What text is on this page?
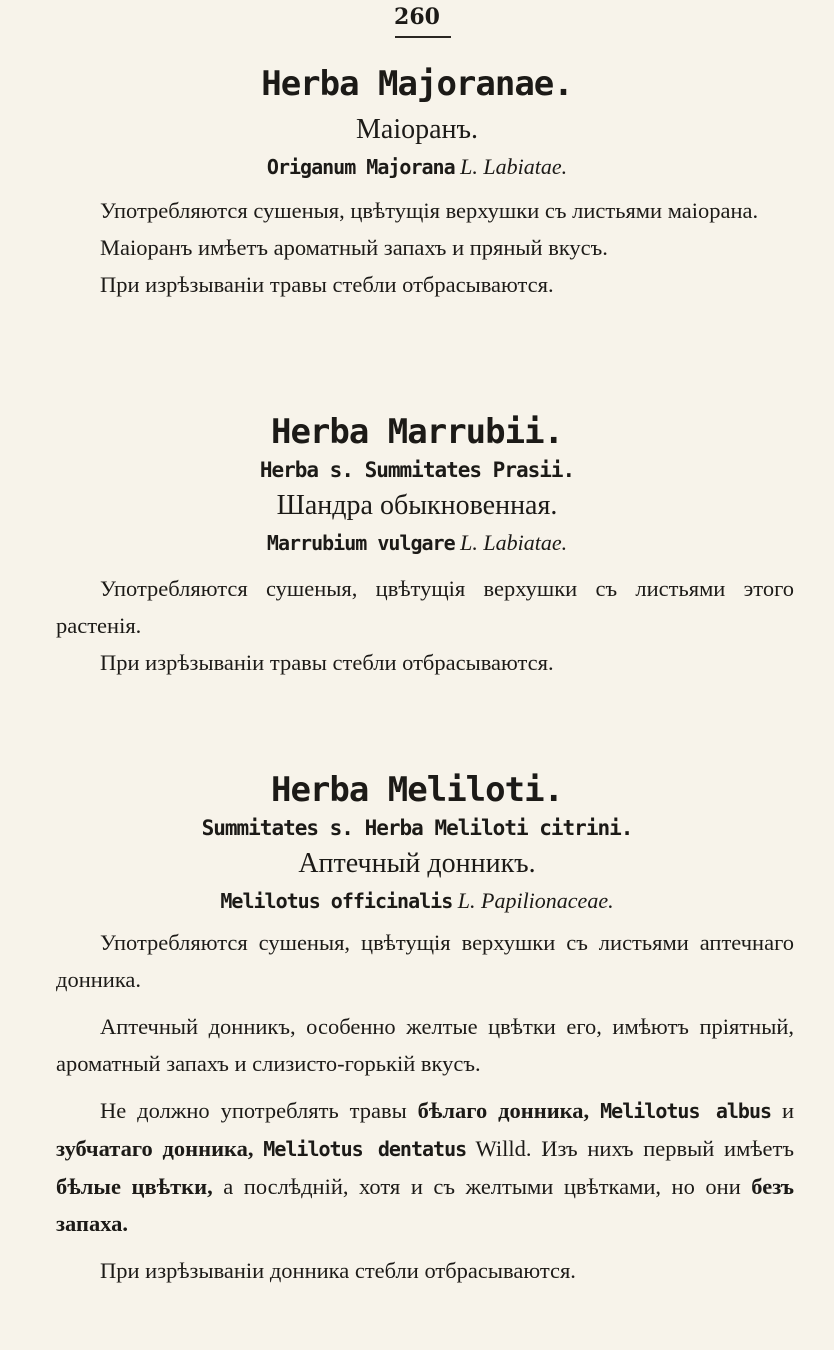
260
Herba Majoranae.
Маіоранъ.
Origanum Majorana L. Labiatae.

Употребляются сушеныя, цвѣтущія верхушки съ листьями маіорана.

Маіоранъ имѣетъ ароматный запахъ и пряный вкусъ.

При изрѣзываніи травы стебли отбрасываются.

Herba Marrubii.
Herba s. Summitates Prasii.
Шандра обыкновенная.
Marrubium vulgare L. Labiatae.

Употребляются сушеныя, цвѣтущія верхушки съ листьями этого растенія.

При изрѣзываніи травы стебли отбрасываются.

Herba Meliloti.
Summitates s. Herba Meliloti citrini.
Аптечный донникъ.
Melilotus officinalis L. Papilionaceae.

Употребляются сушеныя, цвѣтущія верхушки съ листьями аптечнаго донника.

Аптечный донникъ, особенно желтые цвѣтки его, имѣютъ пріятный, ароматный запахъ и слизисто-горькій вкусъ.

Не должно употреблять травы бѣлаго донника, Melilotus albus и зубчатаго донника, Melilotus dentatus Willd. Изъ нихъ первый имѣетъ бѣлые цвѣтки, а послѣдній, хотя и съ желтыми цвѣтками, но они безъ запаха.

При изрѣзываніи донника стебли отбрасываются.
